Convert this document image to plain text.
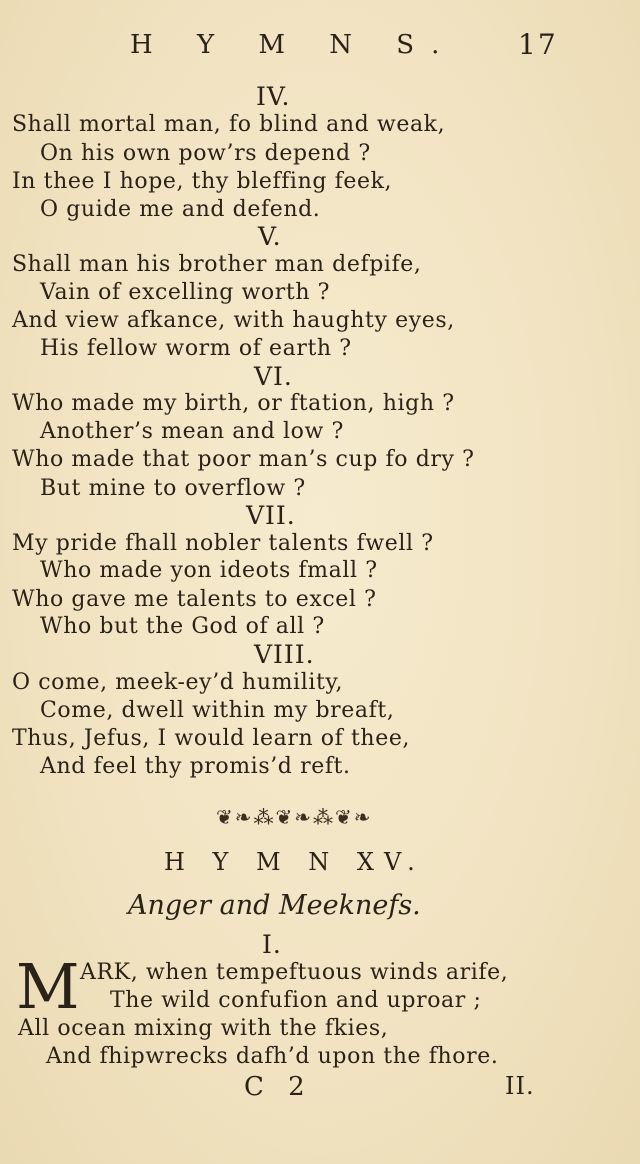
H Y M N S. 17
IV.
Shall mortal man, fo blind and weak,
On his own pow’rs depend ?
In thee I hope, thy bleffing feek,
O guide me and defend.
V.
Shall man his brother man defpife,
Vain of excelling worth ?
And view afkance, with haughty eyes,
His fellow worm of earth ?
VI.
Who made my birth, or ftation, high ?
Another’s mean and low ?
Who made that poor man’s cup fo dry ?
But mine to overflow ?
VII.
My pride fhall nobler talents fwell ?
Who made yon ideots fmall ?
Who gave me talents to excel ?
Who but the God of all ?
VIII.
O come, meek-ey’d humility,
Come, dwell within my breaft,
Thus, Jefus, I would learn of thee,
And feel thy promis’d reft.
❦❧⁂❦❧⁂❦❧
H Y M N XV.
Anger and Meeknefs.
I.
M ARK, when tempeftuous winds arife,
The wild confufion and uproar ;
All ocean mixing with the fkies,
And fhipwrecks dafh’d upon the fhore.
C 2	II.
